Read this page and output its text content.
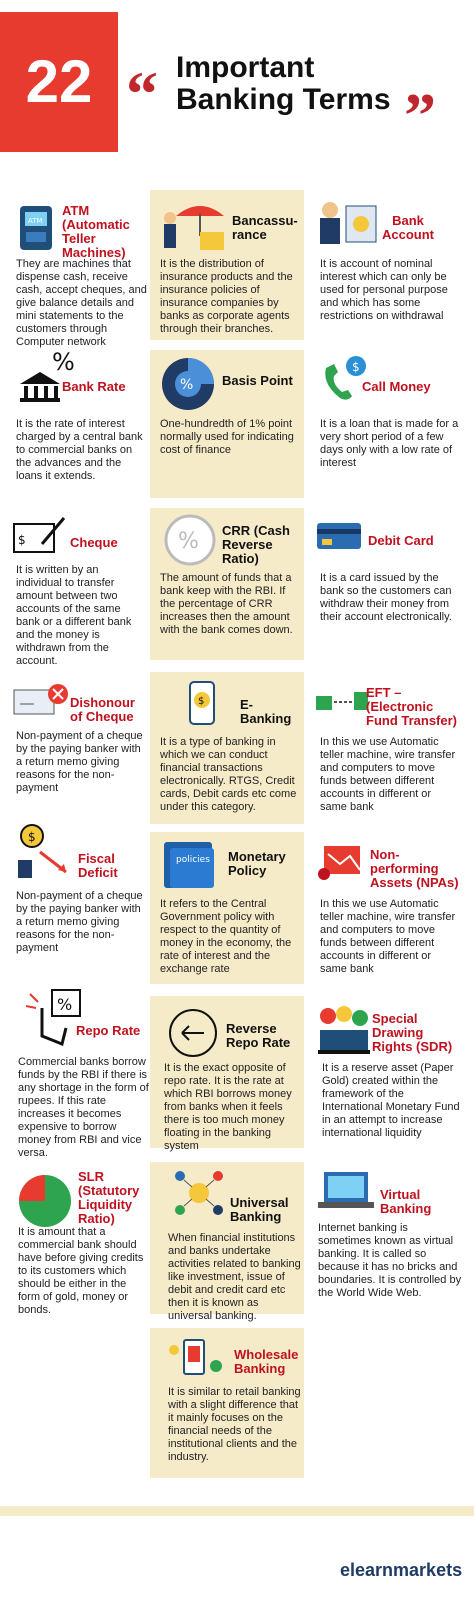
22 “ Important
Banking Terms ”
ATM
ATM (Automatic Teller Machines)
They are machines that dispense cash, receive cash, accept cheques, and give balance details and mini statements to the customers through Computer network
Bancassu- rance
It is the distribution of insurance products and the insurance policies of insurance companies by banks as corporate agents through their branches.
Bank Account
It is account of nominal interest which can only be used for personal purpose and which has some restrictions on withdrawal
%
Bank Rate
It is the rate of interest charged by a central bank to commercial banks on the advances and the loans it extends.
% Basis Point
One-hundredth of 1% point normally used for indicating cost of finance
$
Call Money
It is a loan that is made for a very short period of a few days only with a low rate of interest
$	Cheque
It is written by an individual to transfer amount between two accounts of the same bank or a different bank and the money is withdrawn from the account.
% CRR (Cash Reverse Ratio)
The amount of funds that a bank keep with the RBI. If the percentage of CRR increases then the amount with the bank comes down.
Debit Card
It is a card issued by the bank so the customers can withdraw their money from their account electronically.
Dishonour of Cheque
Non-payment of a cheque by the paying banker with a return memo giving reasons for the non-payment
$	E-Banking
It is a type of banking in which we can conduct financial transactions electronically. RTGS, Credit cards, Debit cards etc come under this category.
EFT – (Electronic Fund Transfer)
In this we use Automatic teller machine, wire transfer and computers to move funds between different accounts in different or same bank
$
Fiscal Deficit
Non-payment of a cheque by the paying banker with a return memo giving reasons for the non-payment
policies Monetary Policy
It refers to the Central Government policy with respect to the quantity of money in the economy, the rate of interest and the exchange rate
Non- performing Assets (NPAs)
In this we use Automatic teller machine, wire transfer and computers to move funds between different accounts in different or same bank
%
Repo Rate
Commercial banks borrow funds by the RBI if there is any shortage in the form of rupees. If this rate increases it becomes expensive to borrow money from RBI and vice versa.
Reverse Repo Rate
It is the exact opposite of repo rate. It is the rate at which RBI borrows money from banks when it feels there is too much money floating in the banking system
Special Drawing Rights (SDR)
It is a reserve asset (Paper Gold) created within the framework of the International Monetary Fund in an attempt to increase international liquidity
SLR (Statutory Liquidity Ratio)
It is amount that a commercial bank should have before giving credits to its customers which should be either in the form of gold, money or bonds.
Universal Banking
When financial institutions and banks undertake activities related to banking like investment, issue of debit and credit card etc then it is known as universal banking.
Virtual Banking
Internet banking is sometimes known as virtual banking. It is called so because it has no bricks and boundaries. It is controlled by the World Wide Web.
Wholesale Banking
It is similar to retail banking with a slight difference that it mainly focuses on the financial needs of the institutional clients and the industry.
elearnmarkets
